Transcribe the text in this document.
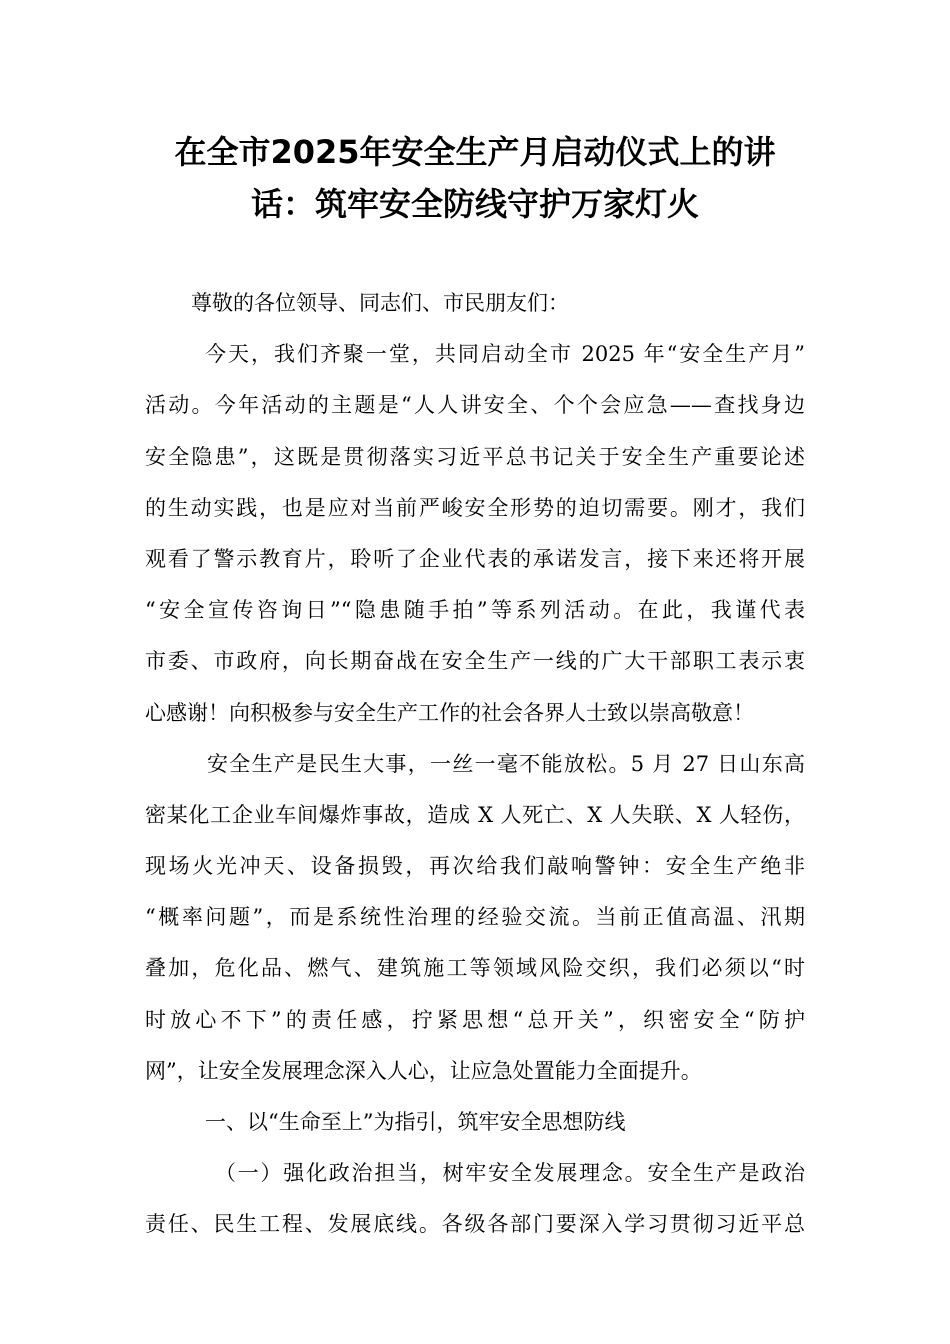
在全市2025年安全生产月启动仪式上的讲
话：筑牢安全防线守护万家灯火
尊敬的各位领导、同志们、市民朋友们：
今天，我们齐聚一堂，共同启动全市 2025 年“安全生产月”
活动。今年活动的主题是“人人讲安全、个个会应急——查找身边
安全隐患”，这既是贯彻落实习近平总书记关于安全生产重要论述
的生动实践，也是应对当前严峻安全形势的迫切需要。刚才，我们
观看了警示教育片，聆听了企业代表的承诺发言，接下来还将开展
“安全宣传咨询日”“隐患随手拍”等系列活动。在此，我谨代表
市委、市政府，向长期奋战在安全生产一线的广大干部职工表示衷
心感谢！向积极参与安全生产工作的社会各界人士致以崇高敬意！
安全生产是民生大事，一丝一毫不能放松。5 月 27 日山东高
密某化工企业车间爆炸事故，造成 X 人死亡、X 人失联、X 人轻伤，
现场火光冲天、设备损毁，再次给我们敲响警钟：安全生产绝非
“概率问题”，而是系统性治理的经验交流。当前正值高温、汛期
叠加，危化品、燃气、建筑施工等领域风险交织，我们必须以“时
时放心不下”的责任感，拧紧思想“总开关”，织密安全“防护
网”，让安全发展理念深入人心，让应急处置能力全面提升。
一、以“生命至上”为指引，筑牢安全思想防线
（一）强化政治担当，树牢安全发展理念。安全生产是政治
责任、民生工程、发展底线。各级各部门要深入学习贯彻习近平总
